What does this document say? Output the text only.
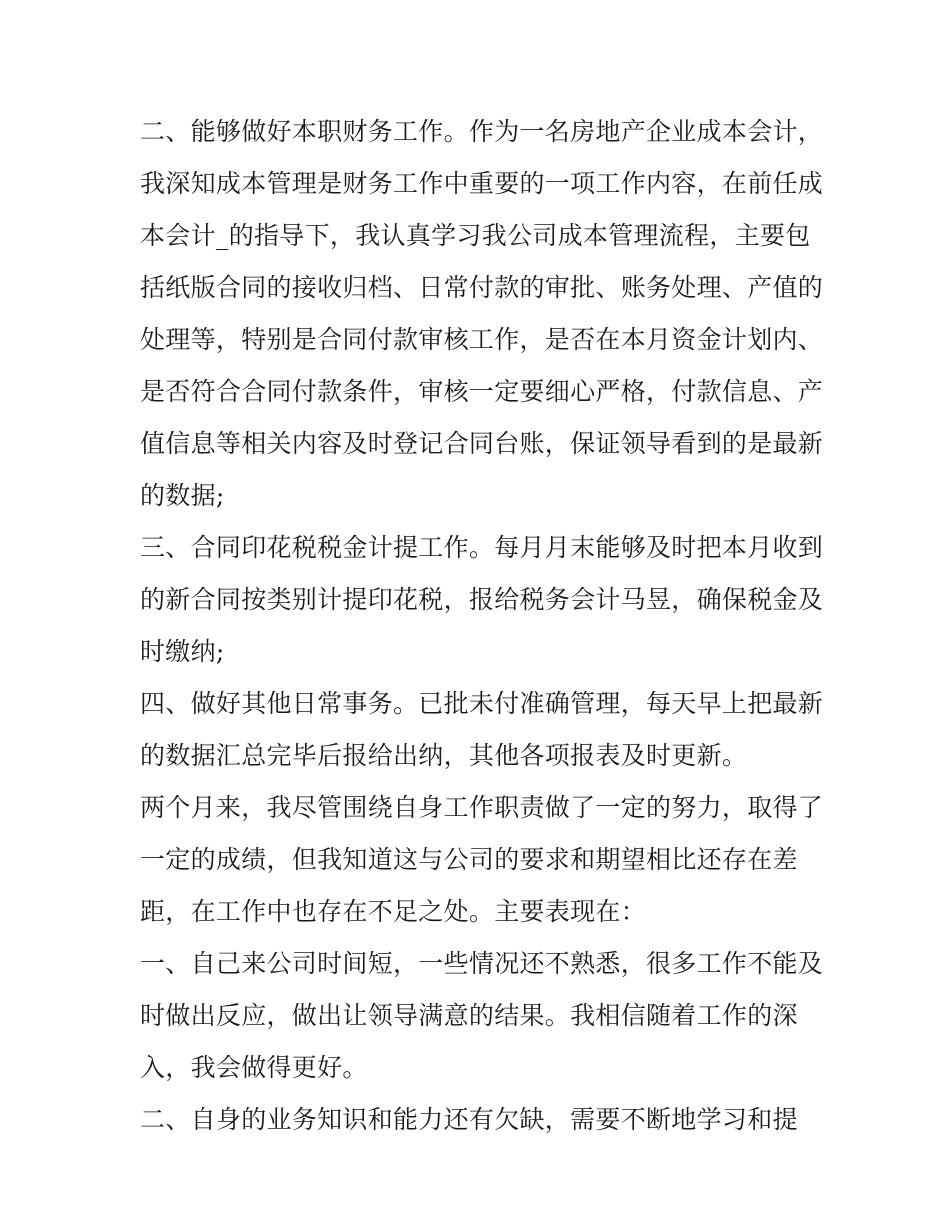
二、能够做好本职财务工作。作为一名房地产企业成本会计，
我深知成本管理是财务工作中重要的一项工作内容，在前任成
本会计_的指导下，我认真学习我公司成本管理流程，主要包
括纸版合同的接收归档、日常付款的审批、账务处理、产值的
处理等，特别是合同付款审核工作，是否在本月资金计划内、
是否符合合同付款条件，审核一定要细心严格，付款信息、产
值信息等相关内容及时登记合同台账，保证领导看到的是最新
的数据;
三、合同印花税税金计提工作。每月月末能够及时把本月收到
的新合同按类别计提印花税，报给税务会计马昱，确保税金及
时缴纳;
四、做好其他日常事务。已批未付准确管理，每天早上把最新
的数据汇总完毕后报给出纳，其他各项报表及时更新。
两个月来，我尽管围绕自身工作职责做了一定的努力，取得了
一定的成绩，但我知道这与公司的要求和期望相比还存在差
距，在工作中也存在不足之处。主要表现在：
一、自己来公司时间短，一些情况还不熟悉，很多工作不能及
时做出反应，做出让领导满意的结果。我相信随着工作的深
入，我会做得更好。
二、自身的业务知识和能力还有欠缺，需要不断地学习和提
